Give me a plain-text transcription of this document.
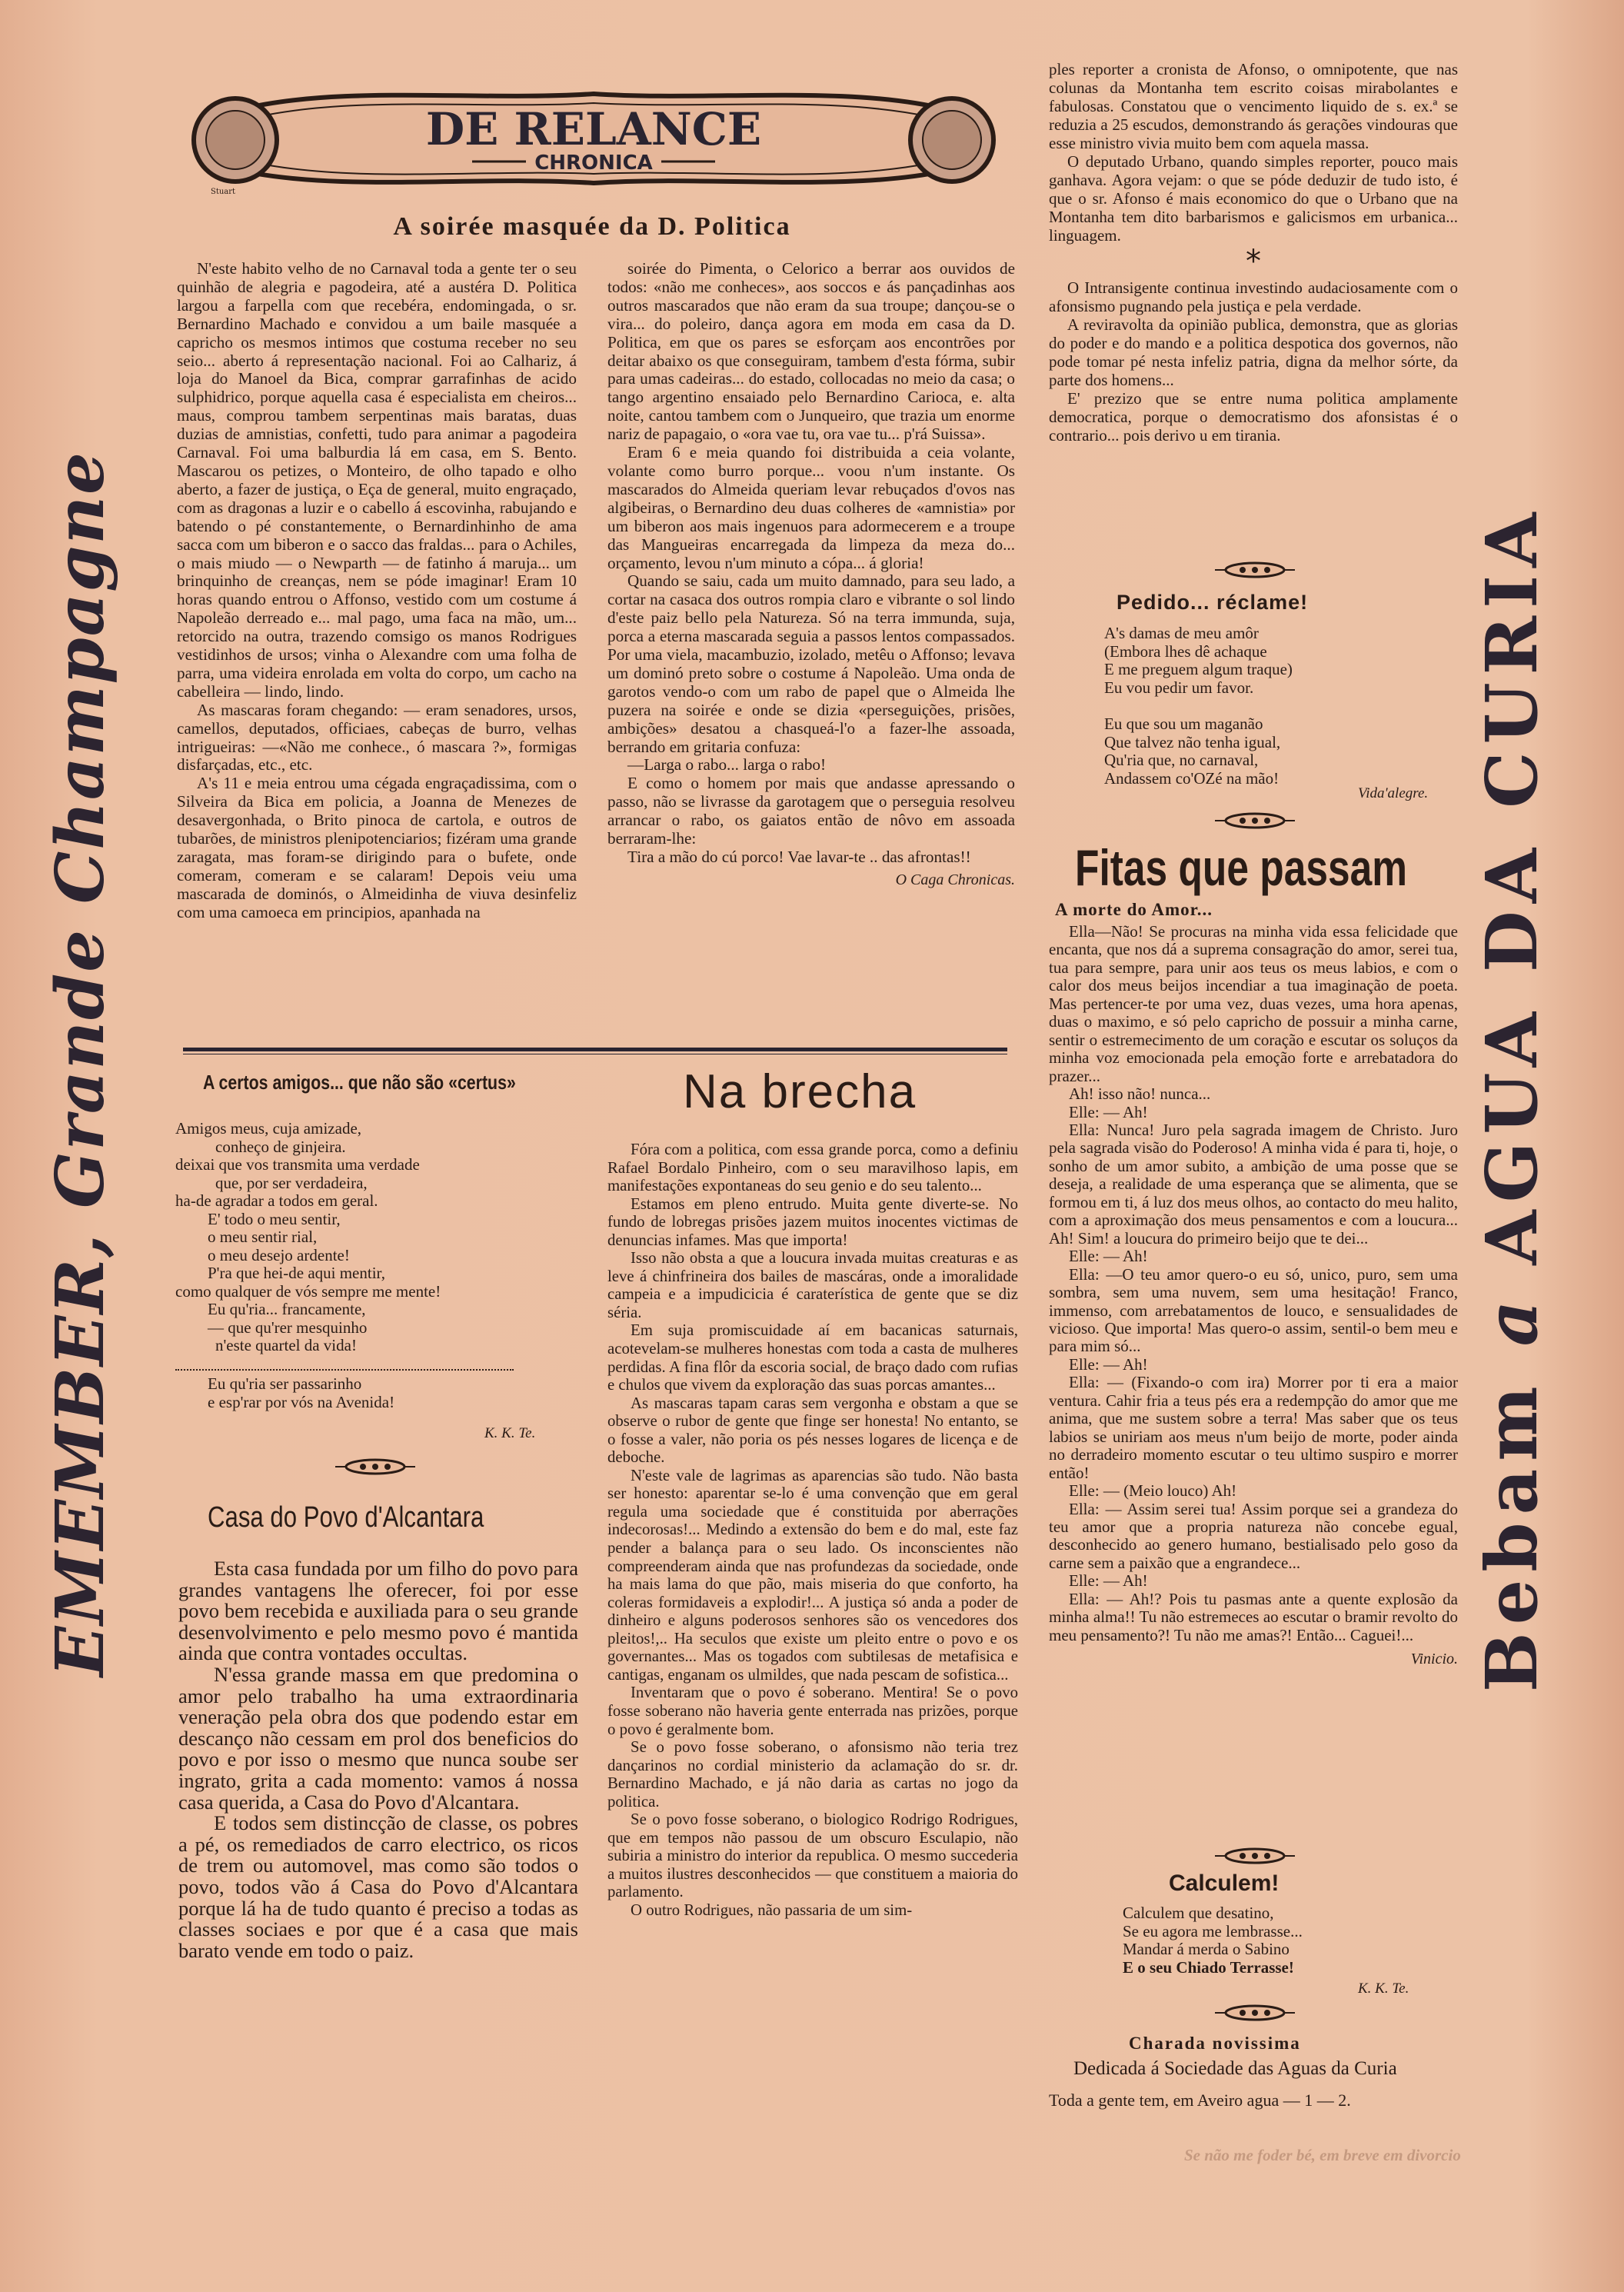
EMEMBER, Grande Champagne	Bebam a AGUA DA CURIA
DE RELANCE
CHRONICA
Stuart
A soirée masquée da D. Politica

N'este habito velho de no Carnaval toda a gente ter o seu quinhão de alegria e pagodeira, até a austéra D. Politica largou a farpella com que recebéra, endomingada, o sr. Bernardino Machado e convidou a um baile masquée a capricho os mesmos intimos que costuma receber no seu seio... aberto á representação nacional. Foi ao Calhariz, á loja do Manoel da Bica, comprar garrafinhas de acido sulphidrico, porque aquella casa é especialista em cheiros... maus, comprou tambem serpentinas mais baratas, duas duzias de amnistias, confetti, tudo para animar a pagodeira Carnaval. Foi uma balburdia lá em casa, em S. Bento. Mascarou os petizes, o Monteiro, de olho tapado e olho aberto, a fazer de justiça, o Eça de general, muito engraçado, com as dragonas a luzir e o cabello á escovinha, rabujando e batendo o pé constantemente, o Bernardinhinho de ama sacca com um biberon e o sacco das fraldas... para o Achiles, o mais miudo — o Newparth — de fatinho á maruja... um brinquinho de creanças, nem se póde imaginar! Eram 10 horas quando entrou o Affonso, vestido com um costume á Napoleão derreado e... mal pago, uma faca na mão, um... retorcido na outra, trazendo comsigo os manos Rodrigues vestidinhos de ursos; vinha o Alexandre com uma folha de parra, uma videira enrolada em volta do corpo, um cacho na cabelleira — lindo, lindo.

As mascaras foram chegando: — eram senadores, ursos, camellos, deputados, officiaes, cabeças de burro, velhas intrigueiras: —«Não me conhece., ó mascara ?», formigas disfarçadas, etc., etc.

A's 11 e meia entrou uma cégada engraçadissima, com o Silveira da Bica em policia, a Joanna de Menezes de desavergonhada, o Brito pinoca de cartola, e outros de tubarões, de ministros plenipotenciarios; fizéram uma grande zaragata, mas foram-se dirigindo para o bufete, onde comeram, comeram e se calaram! Depois veiu uma mascarada de dominós, o Almeidinha de viuva desinfeliz com uma camoeca em principios, apanhada na

soirée do Pimenta, o Celorico a berrar aos ouvidos de todos: «não me conheces», aos soccos e ás pançadinhas aos outros mascarados que não eram da sua troupe; dançou-se o vira... do poleiro, dança agora em moda em casa da D. Politica, em que os pares se esforçam aos encontrões por deitar abaixo os que conseguiram, tambem d'esta fórma, subir para umas cadeiras... do estado, collocadas no meio da casa; o tango argentino ensaiado pelo Bernardino Carioca, e. alta noite, cantou tambem com o Junqueiro, que trazia um enorme nariz de papagaio, o «ora vae tu, ora vae tu... p'rá Suissa».

Eram 6 e meia quando foi distribuida a ceia volante, volante como burro porque... voou n'um instante. Os mascarados do Almeida queriam levar rebuçados d'ovos nas algibeiras, o Bernardino deu duas colheres de «amnistia» por um biberon aos mais ingenuos para adormecerem e a troupe das Mangueiras encarregada da limpeza da meza do... orçamento, levou n'um minuto a cópa... á gloria!

Quando se saiu, cada um muito damnado, para seu lado, a cortar na casaca dos outros rompia claro e vibrante o sol lindo d'este paiz bello pela Natureza. Só na terra immunda, suja, porca a eterna mascarada seguia a passos lentos compassados. Por uma viela, macambuzio, izolado, metêu o Affonso; levava um dominó preto sobre o costume á Napoleão. Uma onda de garotos vendo-o com um rabo de papel que o Almeida lhe puzera na soirée e onde se dizia «perseguições, prisões, ambições» desatou a chasqueá-l'o a fazer-lhe assoada, berrando em gritaria confuza:

—Larga o rabo... larga o rabo!

E como o homem por mais que andasse apressando o passo, não se livrasse da garotagem que o perseguia resolveu arrancar o rabo, os gaiatos então de nôvo em assoada berraram-lhe:

Tira a mão do cú porco! Vae lavar-te .. das afrontas!!

O Caga Chronicas.
A certos amigos... que não são «certus»
Amigos meus, cuja amizade,
conheço de ginjeira.
deixai que vos transmita uma verdade
que, por ser verdadeira,
ha-de agradar a todos em geral.
E' todo o meu sentir,
o meu sentir rial,
o meu desejo ardente!
P'ra que hei-de aqui mentir,
como qualquer de vós sempre me mente!
Eu qu'ria... francamente,
— que qu'rer mesquinho
n'este quartel da vida!
Eu qu'ria ser passarinho
e esp'rar por vós na Avenida!
K. K. Te.
Casa do Povo d'Alcantara

Esta casa fundada por um filho do povo para grandes vantagens lhe oferecer, foi por esse povo bem recebida e auxiliada para o seu grande desenvolvimento e pelo mesmo povo é mantida ainda que contra vontades occultas.

N'essa grande massa em que predomina o amor pelo trabalho ha uma extraordinaria veneração pela obra dos que podendo estar em descanço não cessam em prol dos beneficios do povo e por isso o mesmo que nunca soube ser ingrato, grita a cada momento: vamos á nossa casa querida, a Casa do Povo d'Alcantara.

E todos sem distincção de classe, os pobres a pé, os remediados de carro electrico, os ricos de trem ou automovel, mas como são todos o povo, todos vão á Casa do Povo d'Alcantara porque lá ha de tudo quanto é preciso a todas as classes sociaes e por que é a casa que mais barato vende em todo o paiz.

Na brecha

Fóra com a politica, com essa grande porca, como a definiu Rafael Bordalo Pinheiro, com o seu maravilhoso lapis, em manifestações expontaneas do seu genio e do seu talento...

Estamos em pleno entrudo. Muita gente diverte-se. No fundo de lobregas prisões jazem muitos inocentes victimas de denuncias infames. Mas que importa!

Isso não obsta a que a loucura invada muitas creaturas e as leve á chinfrineira dos bailes de mascáras, onde a imoralidade campeia e a impudicicia é caraterística de gente que se diz séria.

Em suja promiscuidade aí em bacanicas saturnais, acotevelam-se mulheres honestas com toda a casta de mulheres perdidas. A fina flôr da escoria social, de braço dado com rufias e chulos que vivem da exploração das suas porcas amantes...

As mascaras tapam caras sem vergonha e obstam a que se observe o rubor de gente que finge ser honesta! No entanto, se o fosse a valer, não poria os pés nesses logares de licença e de deboche.

N'este vale de lagrimas as aparencias são tudo. Não basta ser honesto: aparentar se-lo é uma convenção que em geral regula uma sociedade que é constituida por aberrações indecorosas!... Medindo a extensão do bem e do mal, este faz pender a balança para o seu lado. Os inconscientes não compreenderam ainda que nas profundezas da sociedade, onde ha mais lama do que pão, mais miseria do que conforto, ha coleras formidaveis a explodir!... A justiça só anda a poder de dinheiro e alguns poderosos senhores são os vencedores dos pleitos!,.. Ha seculos que existe um pleito entre o povo e os governantes... Mas os togados com subtilesas de metafisica e cantigas, enganam os ulmildes, que nada pescam de sofistica...

Inventaram que o povo é soberano. Mentira! Se o povo fosse soberano não haveria gente enterrada nas prizões, porque o povo é geralmente bom.

Se o povo fosse soberano, o afonsismo não teria trez dançarinos no cordial ministerio da aclamação do sr. dr. Bernardino Machado, e já não daria as cartas no jogo da politica.

Se o povo fosse soberano, o biologico Rodrigo Rodrigues, que em tempos não passou de um obscuro Esculapio, não subiria a ministro do interior da republica. O mesmo succederia a muitos ilustres desconhecidos — que constituem a maioria do parlamento.

O outro Rodrigues, não passaria de um sim-

ples reporter a cronista de Afonso, o omnipotente, que nas colunas da Montanha tem escrito coisas mirabolantes e fabulosas. Constatou que o vencimento liquido de s. ex.ª se reduzia a 25 escudos, demonstrando ás gerações vindouras que esse ministro vivia muito bem com aquela massa.

O deputado Urbano, quando simples reporter, pouco mais ganhava. Agora vejam: o que se póde deduzir de tudo isto, é que o sr. Afonso é mais economico do que o Urbano que na Montanha tem dito barbarismos e galicismos em urbanica... linguagem.

*

O Intransigente continua investindo audaciosamente com o afonsismo pugnando pela justiça e pela verdade.

A reviravolta da opinião publica, demonstra, que as glorias do poder e do mando e a politica despotica dos governos, não pode tomar pé nesta infeliz patria, digna da melhor sórte, da parte dos homens...

E' prezizo que se entre numa politica amplamente democratica, porque o democratismo dos afonsistas é o contrario... pois derivo u em tirania.

Pedido... réclame!
A's damas de meu amôr
(Embora lhes dê achaque
E me preguem algum traque)
Eu vou pedir um favor.
Eu que sou um maganão
Que talvez não tenha igual,
Qu'ria que, no carnaval,
Andassem co'OZé na mão!
Vida'alegre.
Fitas que passam
A morte do Amor...

Ella—Não! Se procuras na minha vida essa felicidade que encanta, que nos dá a suprema consagração do amor, serei tua, tua para sempre, para unir aos teus os meus labios, e com o calor dos meus beijos incendiar a tua imaginação de poeta. Mas pertencer-te por uma vez, duas vezes, uma hora apenas, duas o maximo, e só pelo capricho de possuir a minha carne, sentir o estremecimento de um coração e escutar os soluços da minha voz emocionada pela emoção forte e arrebatadora do prazer...

Ah! isso não! nunca...

Elle: — Ah!

Ella: Nunca! Juro pela sagrada imagem de Christo. Juro pela sagrada visão do Poderoso! A minha vida é para ti, hoje, o sonho de um amor subito, a ambição de uma posse que se deseja, a realidade de uma esperança que se alimenta, que se formou em ti, á luz dos meus olhos, ao contacto do meu halito, com a aproximação dos meus pensamentos e com a loucura... Ah! Sim! a loucura do primeiro beijo que te dei...

Elle: — Ah!

Ella: —O teu amor quero-o eu só, unico, puro, sem uma sombra, sem uma nuvem, sem uma hesitação! Franco, immenso, com arrebatamentos de louco, e sensualidades de vicioso. Que importa! Mas quero-o assim, sentil-o bem meu e para mim só...

Elle: — Ah!

Ella: — (Fixando-o com ira) Morrer por ti era a maior ventura. Cahir fria a teus pés era a redempção do amor que me anima, que me sustem sobre a terra! Mas saber que os teus labios se uniriam aos meus n'um beijo de morte, poder ainda no derradeiro momento escutar o teu ultimo suspiro e morrer então!

Elle: — (Meio louco) Ah!

Ella: — Assim serei tua! Assim porque sei a grandeza do teu amor que a propria natureza não concebe egual, desconhecido ao genero humano, bestialisado pelo goso da carne sem a paixão que a engrandece...

Elle: — Ah!

Ella: — Ah!? Pois tu pasmas ante a quente explosão da minha alma!! Tu não estremeces ao escutar o bramir revolto do meu pensamento?! Tu não me amas?! Então... Caguei!...

Vinicio.
Calculem!
Calculem que desatino,
Se eu agora me lembrasse...
Mandar á merda o Sabino
E o seu Chiado Terrasse!
K. K. Te.
Charada novissima
Dedicada á Sociedade das Aguas da Curia
Toda a gente tem, em Aveiro agua — 1 — 2.
Se não me foder bé, em breve em divorcio
